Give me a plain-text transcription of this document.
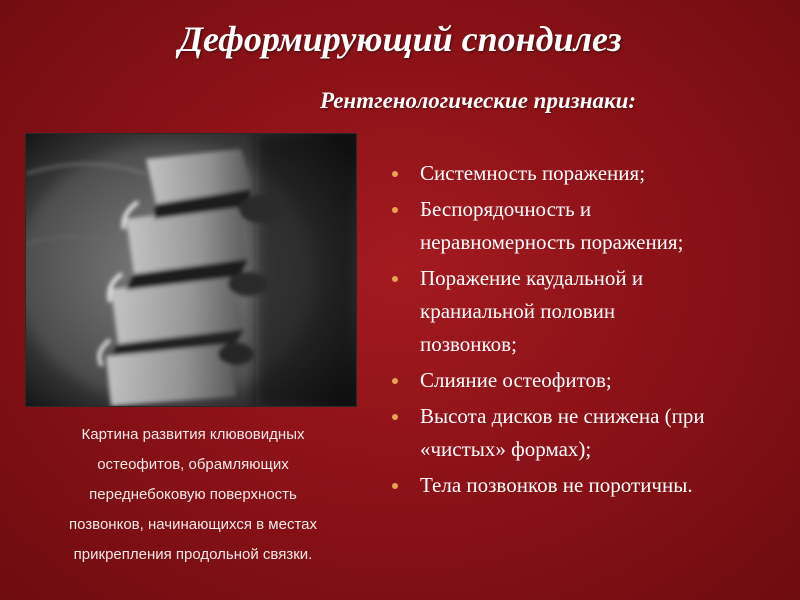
Деформирующий спондилез
Рентгенологические признаки:
Картина развития клювовидных
остеофитов, обрамляющих
переднебоковую поверхность
позвонков, начинающихся в местах
прикрепления продольной связки.
Системность поражения;
Беспорядочность и
неравномерность поражения;
Поражение каудальной и
краниальной половин
позвонков;
Слияние остеофитов;
Высота дисков не снижена (при
«чистых» формах);
Тела позвонков не поротичны.
